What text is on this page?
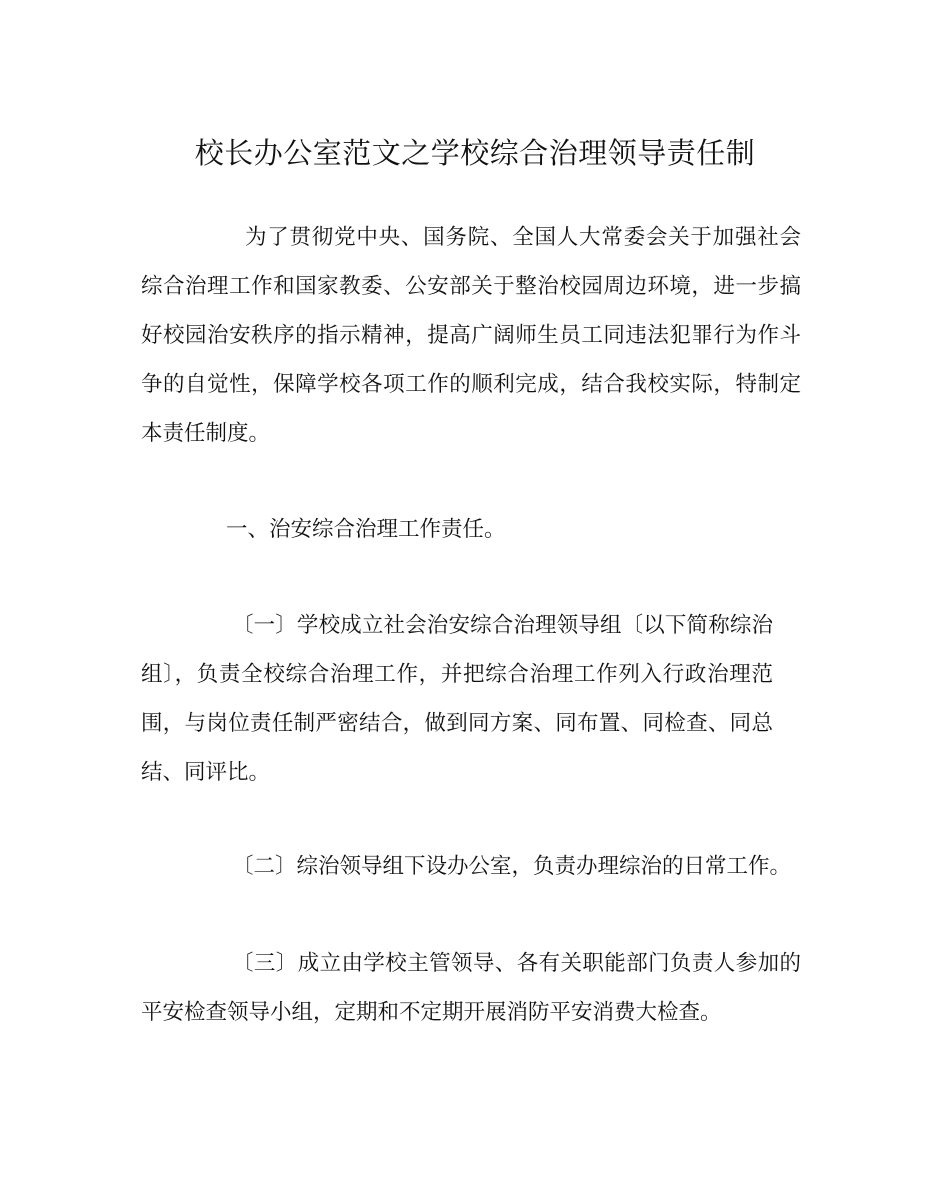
校长办公室范文之学校综合治理领导责任制

为了贯彻党中央、国务院、全国人大常委会关于加强社会
综合治理工作和国家教委、公安部关于整治校园周边环境，进一步搞
好校园治安秩序的指示精神，提高广阔师生员工同违法犯罪行为作斗
争的自觉性，保障学校各项工作的顺利完成，结合我校实际，特制定
本责任制度。

一、治安综合治理工作责任。

〔一〕学校成立社会治安综合治理领导组〔以下简称综治
组〕，负责全校综合治理工作，并把综合治理工作列入行政治理范
围，与岗位责任制严密结合，做到同方案、同布置、同检查、同总
结、同评比。

〔二〕综治领导组下设办公室，负责办理综治的日常工作。

〔三〕成立由学校主管领导、各有关职能部门负责人参加的
平安检查领导小组，定期和不定期开展消防平安消费大检查。
